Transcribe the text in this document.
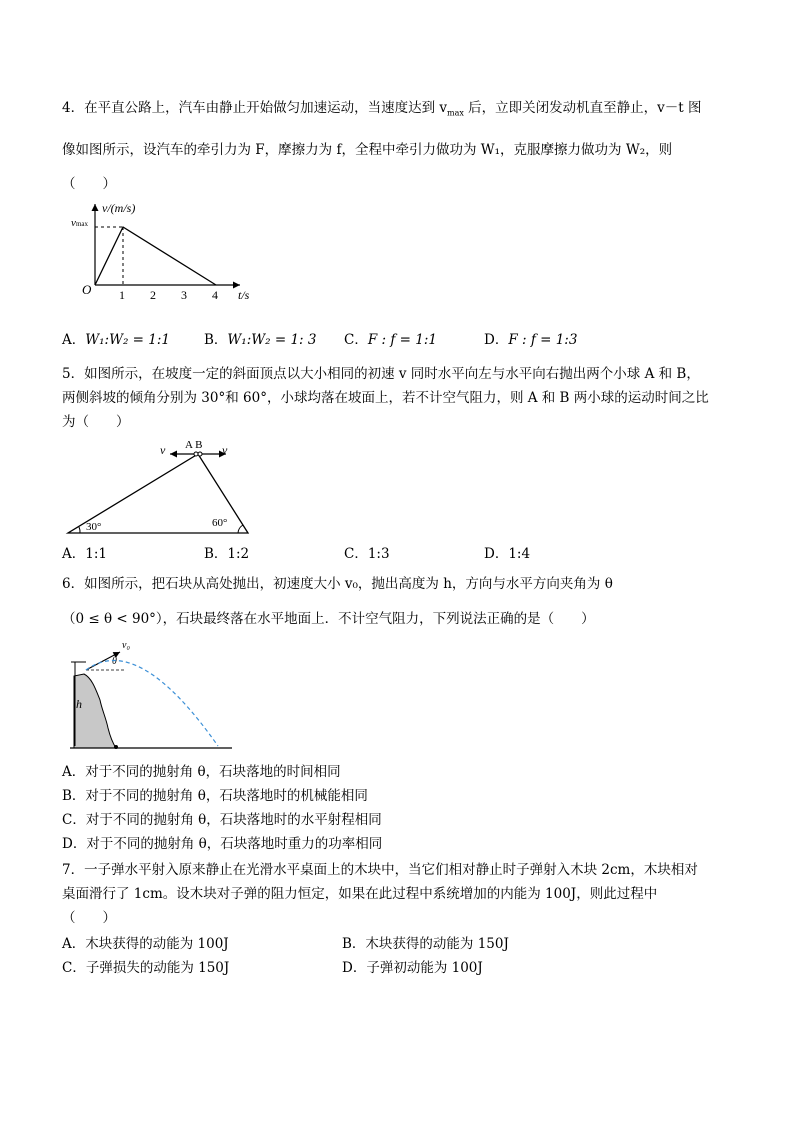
4．在平直公路上，汽车由静止开始做匀加速运动，当速度达到 $v_{max}$ 后，立即关闭发动机直至静止，v－t 图
像如图所示，设汽车的牵引力为 F，摩擦力为 f，全程中牵引力做功为 W₁，克服摩擦力做功为 W₂，则
（　　）
v/(m/s)
vmax
O 1 2 3 4 t/s
A．W₁:W₂ = 1:1	B．W₁:W₂ = 1: 3 C．F : f = 1:1	D．F : f = 1:3
5．如图所示，在坡度一定的斜面顶点以大小相同的初速 v 同时水平向左与水平向右抛出两个小球 A 和 B，
两侧斜坡的倾角分别为 30°和 60°，小球均落在坡面上，若不计空气阻力，则 A 和 B 两小球的运动时间之比
为（　　）
v	v
A B
30°	60°
A．1:1	B．1:2	C．1:3	D．1:4
6．如图所示，把石块从高处抛出，初速度大小 v₀，抛出高度为 h，方向与水平方向夹角为 θ
（0 ≤ θ < 90°），石块最终落在水平地面上．不计空气阻力，下列说法正确的是（　　）
h
v₀
θ
A．对于不同的抛射角 θ，石块落地的时间相同
B．对于不同的抛射角 θ，石块落地时的机械能相同
C．对于不同的抛射角 θ，石块落地时的水平射程相同
D．对于不同的抛射角 θ，石块落地时重力的功率相同
7．一子弹水平射入原来静止在光滑水平桌面上的木块中，当它们相对静止时子弹射入木块 2cm，木块相对
桌面滑行了 1cm。设木块对子弹的阻力恒定，如果在此过程中系统增加的内能为 100J，则此过程中
（　　）
A．木块获得的动能为 100J	B．木块获得的动能为 150J
C．子弹损失的动能为 150J	D．子弹初动能为 100J
